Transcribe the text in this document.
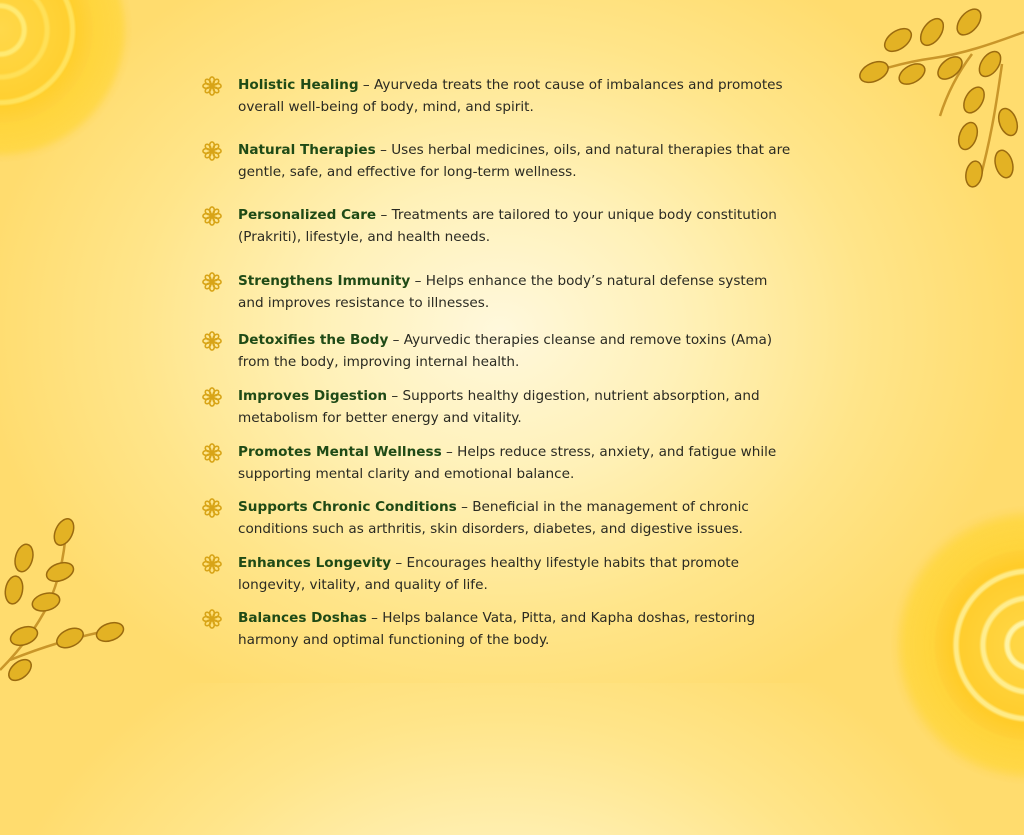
Holistic Healing – Ayurveda treats the root cause of imbalances and promotes overall well-being of body, mind, and spirit.

Natural Therapies – Uses herbal medicines, oils, and natural therapies that are gentle, safe, and effective for long-term wellness.

Personalized Care – Treatments are tailored to your unique body constitution (Prakriti), lifestyle, and health needs.

Strengthens Immunity – Helps enhance the body’s natural defense system and improves resistance to illnesses.

Detoxifies the Body – Ayurvedic therapies cleanse and remove toxins (Ama) from the body, improving internal health.

Improves Digestion – Supports healthy digestion, nutrient absorption, and metabolism for better energy and vitality.

Promotes Mental Wellness – Helps reduce stress, anxiety, and fatigue while supporting mental clarity and emotional balance.

Supports Chronic Conditions – Beneficial in the management of chronic conditions such as arthritis, skin disorders, diabetes, and digestive issues.

Enhances Longevity – Encourages healthy lifestyle habits that promote longevity, vitality, and quality of life.

Balances Doshas – Helps balance Vata, Pitta, and Kapha doshas, restoring harmony and optimal functioning of the body.
